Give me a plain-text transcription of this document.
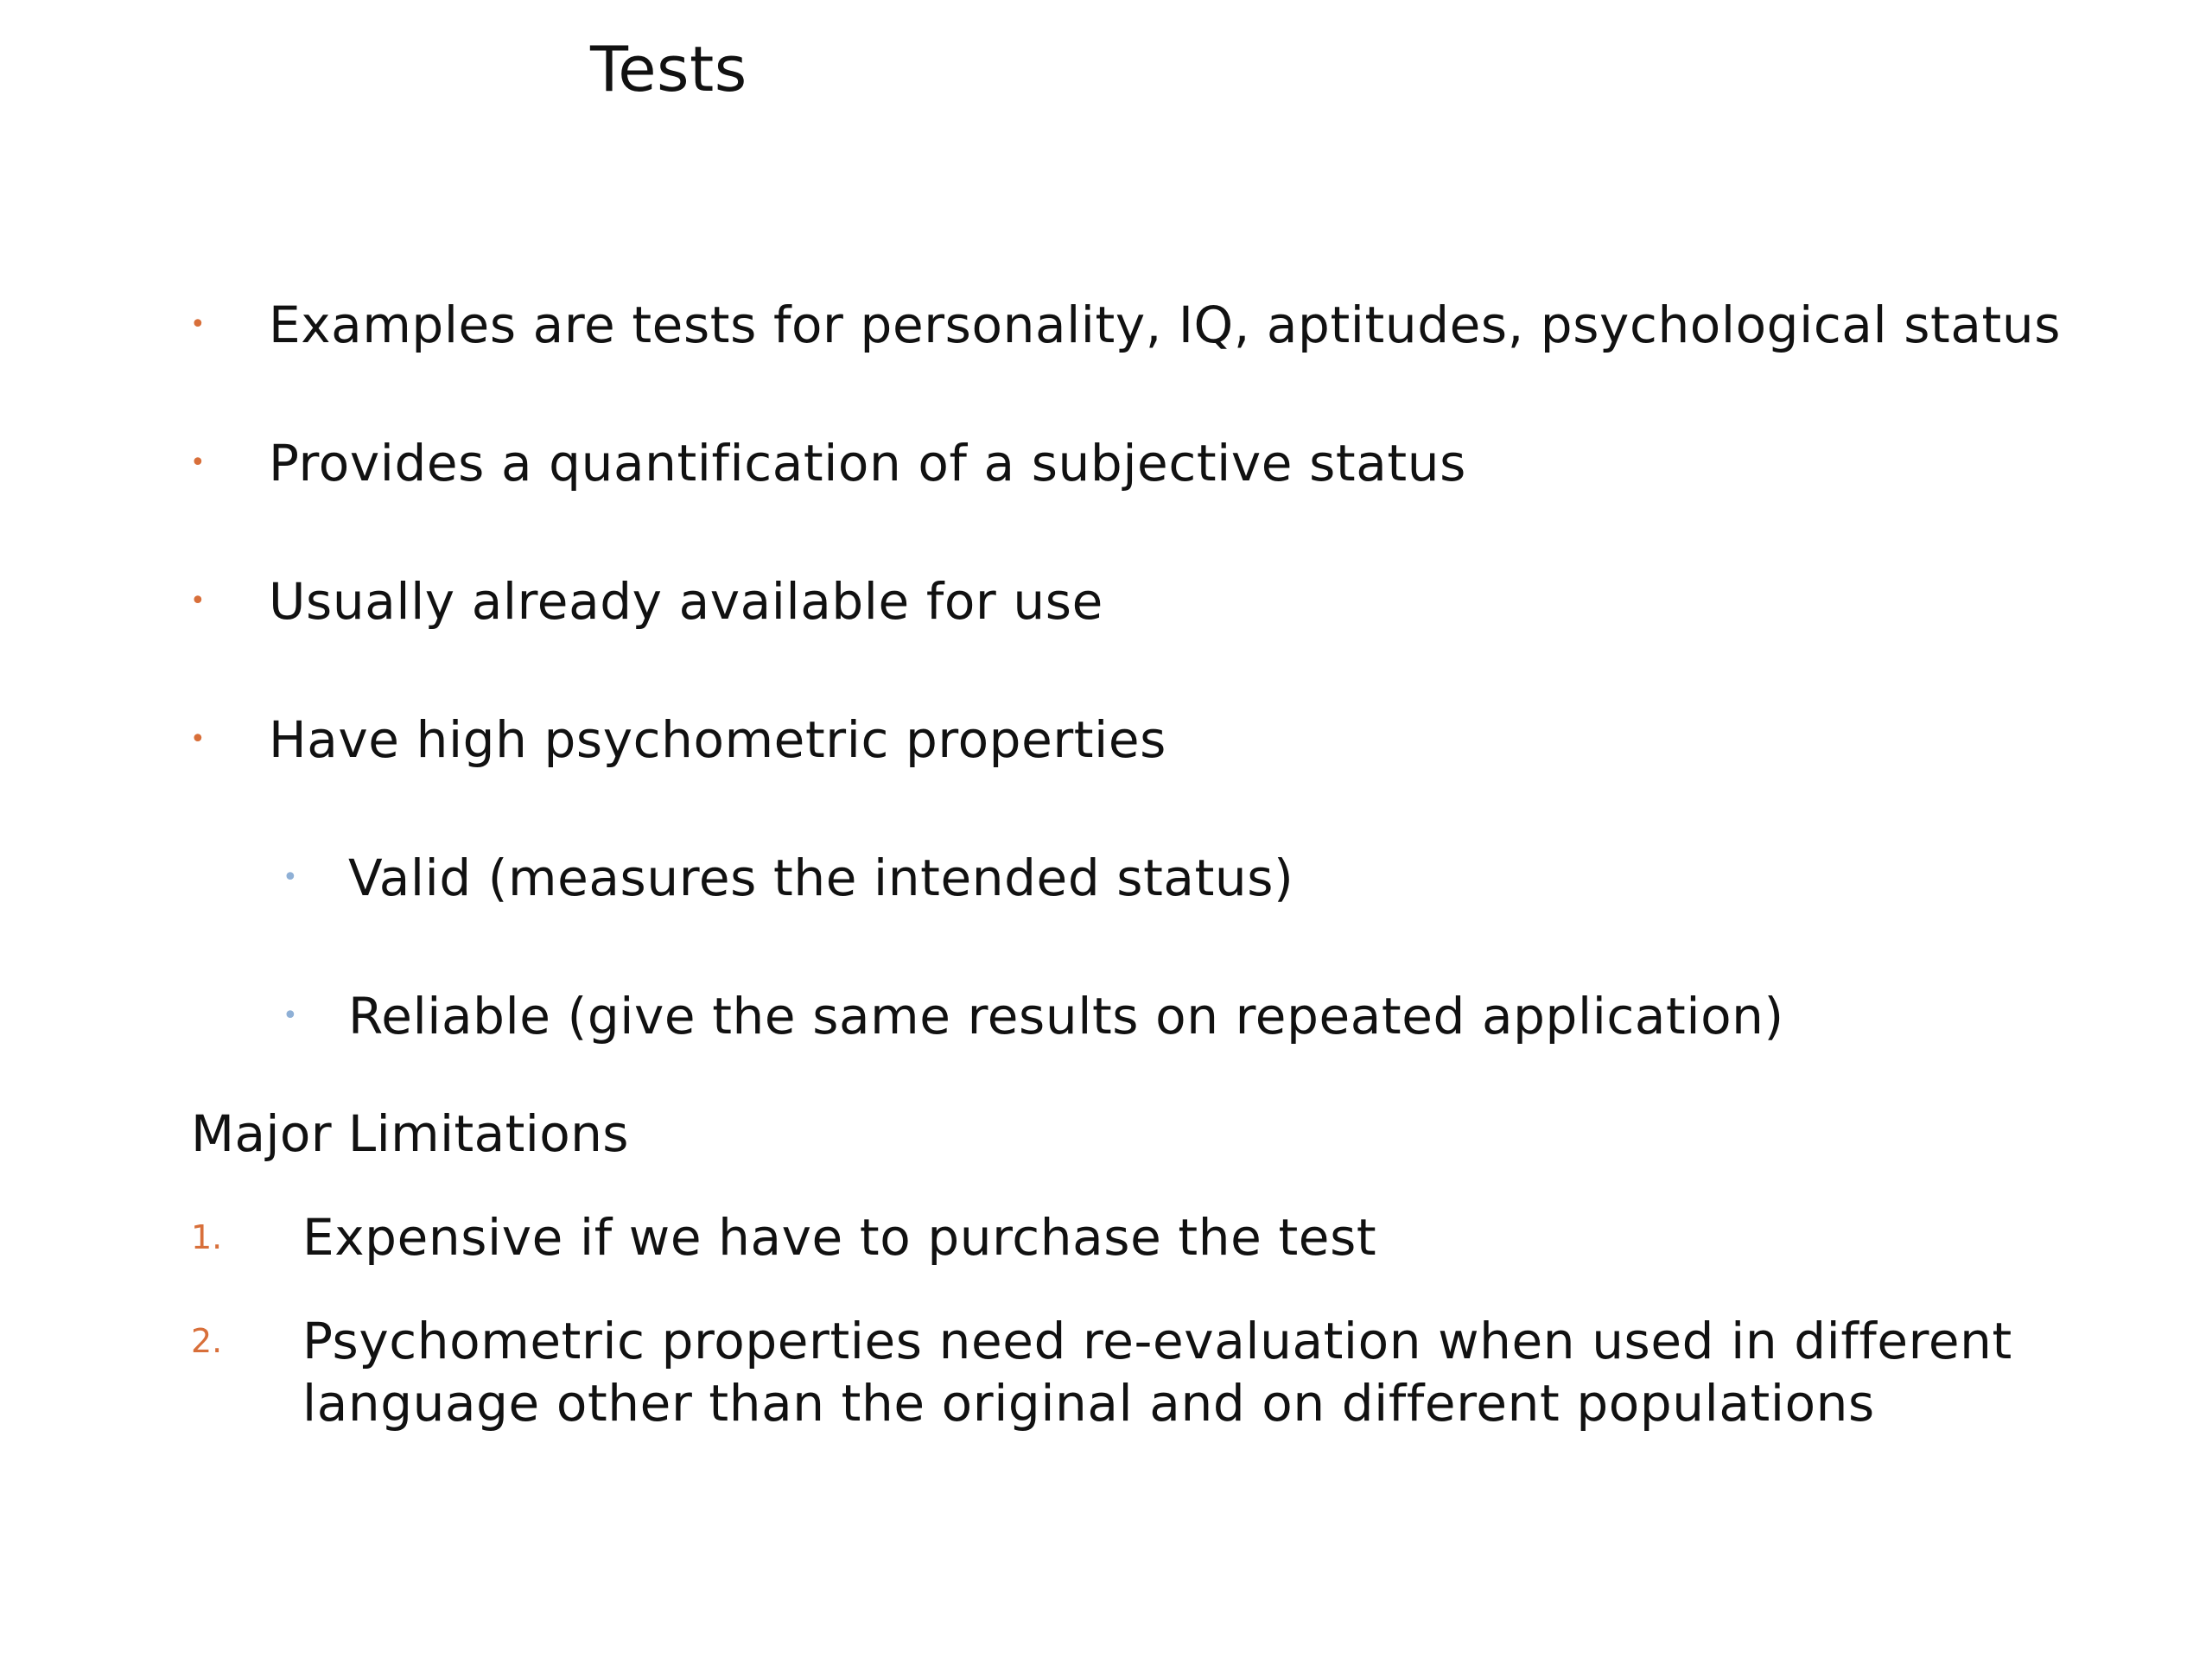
Tests
• Examples are tests for personality, IQ, aptitudes, psychological status
• Provides a quantification of a subjective status
• Usually already available for use
• Have high psychometric properties
• Valid (measures the intended status)
• Reliable (give the same results on repeated application)
Major Limitations
1. Expensive if we have to purchase the test
2. Psychometric properties need re-evaluation when used in different
language other than the original and on different populations
